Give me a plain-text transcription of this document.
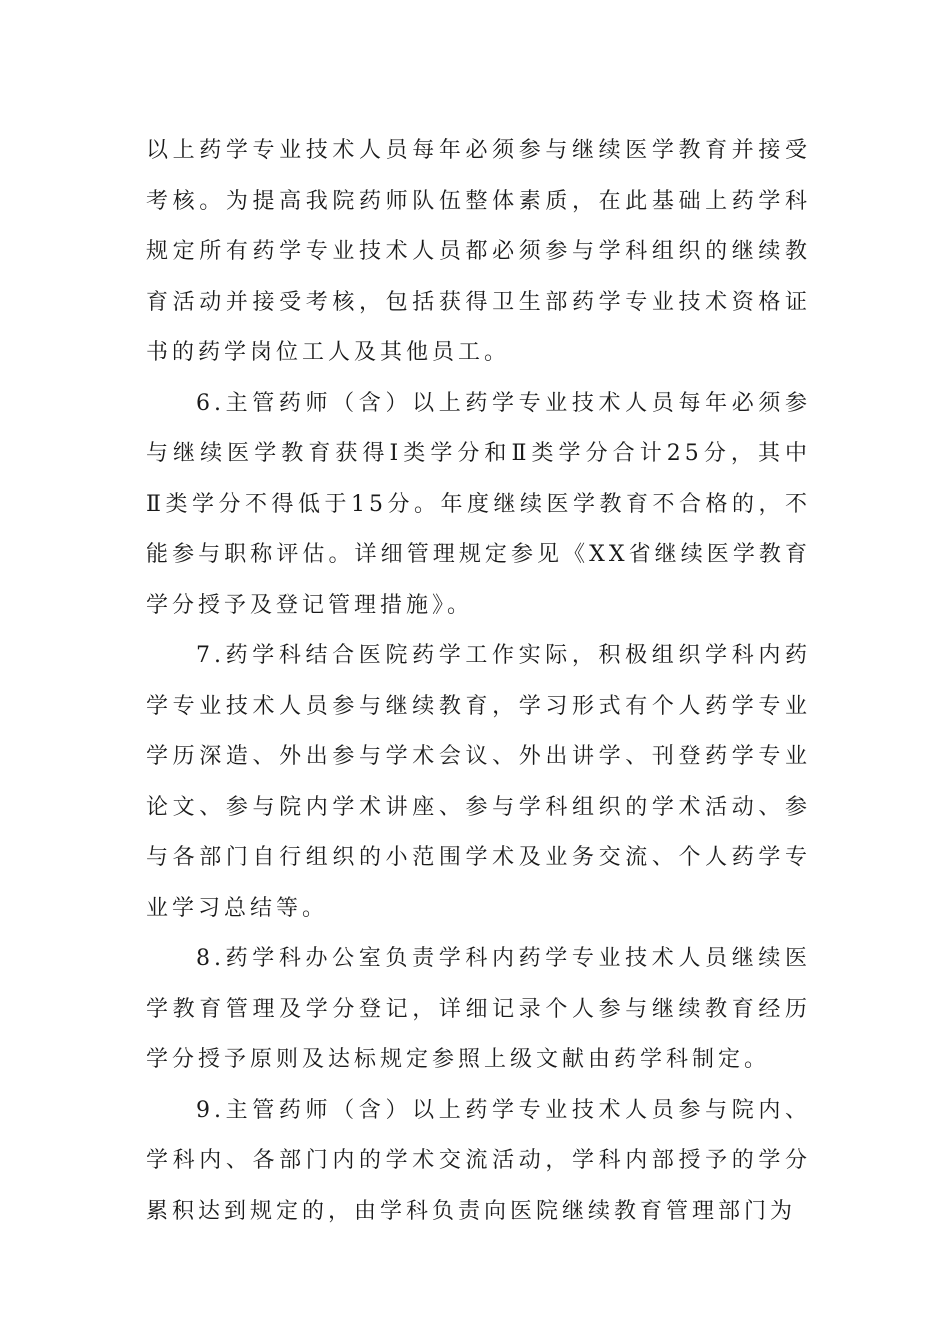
以上药学专业技术人员每年必须参与继续医学教育并接受
考核。为提高我院药师队伍整体素质，在此基础上药学科
规定所有药学专业技术人员都必须参与学科组织的继续教
育活动并接受考核，包括获得卫生部药学专业技术资格证
书的药学岗位工人及其他员工。
6.主管药师（含）以上药学专业技术人员每年必须参
与继续医学教育获得Ⅰ类学分和Ⅱ类学分合计25分，其中
Ⅱ类学分不得低于15分。年度继续医学教育不合格的，不
能参与职称评估。详细管理规定参见《XX省继续医学教育
学分授予及登记管理措施》。
7.药学科结合医院药学工作实际，积极组织学科内药
学专业技术人员参与继续教育，学习形式有个人药学专业
学历深造、外出参与学术会议、外出讲学、刊登药学专业
论文、参与院内学术讲座、参与学科组织的学术活动、参
与各部门自行组织的小范围学术及业务交流、个人药学专
业学习总结等。
8.药学科办公室负责学科内药学专业技术人员继续医
学教育管理及学分登记，详细记录个人参与继续教育经历
学分授予原则及达标规定参照上级文献由药学科制定。
9.主管药师（含）以上药学专业技术人员参与院内、
学科内、各部门内的学术交流活动，学科内部授予的学分
累积达到规定的，由学科负责向医院继续教育管理部门为
